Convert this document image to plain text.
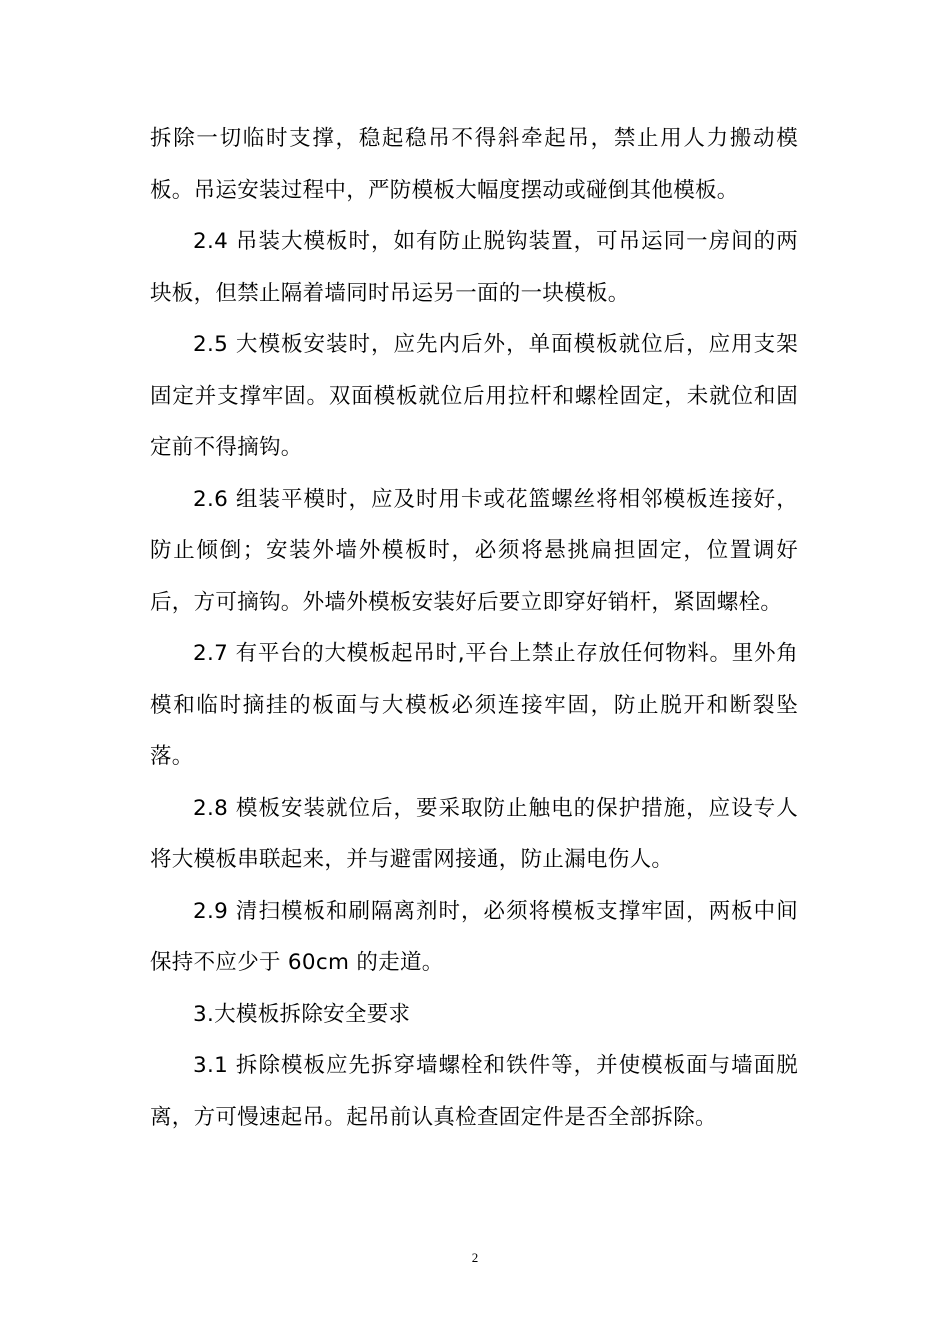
拆除一切临时支撑，稳起稳吊不得斜牵起吊，禁止用人力搬动模板。吊运安装过程中，严防模板大幅度摆动或碰倒其他模板。

2.4 吊装大模板时，如有防止脱钩装置，可吊运同一房间的两块板，但禁止隔着墙同时吊运另一面的一块模板。

2.5 大模板安装时，应先内后外，单面模板就位后，应用支架固定并支撑牢固。双面模板就位后用拉杆和螺栓固定，未就位和固定前不得摘钩。

2.6 组装平模时，应及时用卡或花篮螺丝将相邻模板连接好，防止倾倒；安装外墙外模板时，必须将悬挑扁担固定，位置调好后，方可摘钩。外墙外模板安装好后要立即穿好销杆，紧固螺栓。

2.7 有平台的大模板起吊时,平台上禁止存放任何物料。里外角模和临时摘挂的板面与大模板必须连接牢固，防止脱开和断裂坠落。

2.8 模板安装就位后，要采取防止触电的保护措施，应设专人将大模板串联起来，并与避雷网接通，防止漏电伤人。

2.9 清扫模板和刷隔离剂时，必须将模板支撑牢固，两板中间保持不应少于 60cm 的走道。

3.大模板拆除安全要求

3.1 拆除模板应先拆穿墙螺栓和铁件等，并使模板面与墙面脱离，方可慢速起吊。起吊前认真检查固定件是否全部拆除。

2
